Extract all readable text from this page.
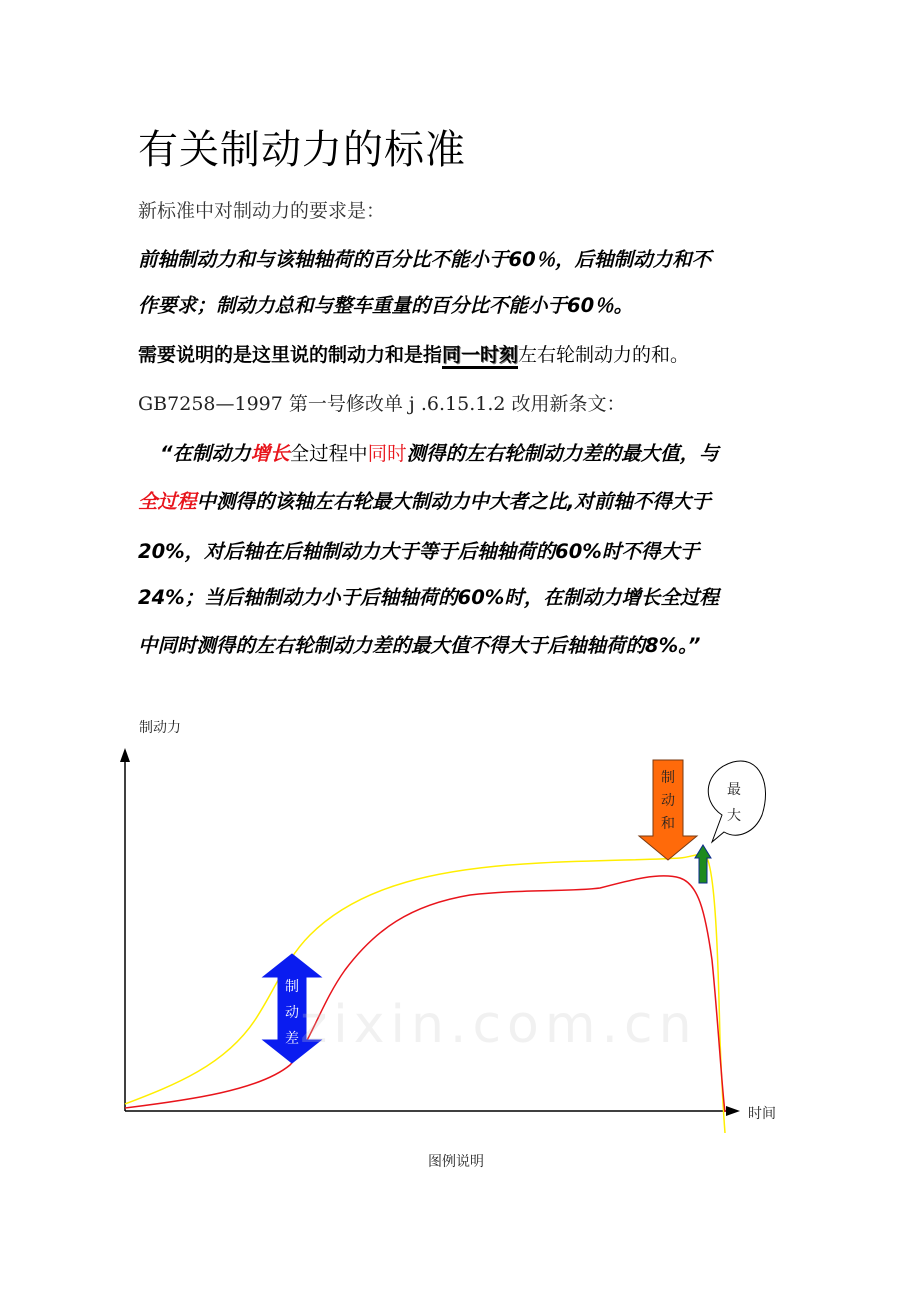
有关制动力的标准
新标准中对制动力的要求是：
前轴制动力和与该轴轴荷的百分比不能小于60％，后轴制动力和不
作要求；制动力总和与整车重量的百分比不能小于60％。
需要说明的是这里说的制动力和是指同一时刻左右轮制动力的和。
GB7258—1997 第一号修改单 j .6.15.1.2 改用新条文：
“在制动力增长全过程中同时测得的左右轮制动力差的最大值，与
全过程中测得的该轴左右轮最大制动力中大者之比,对前轴不得大于
20%，对后轴在后轴制动力大于等于后轴轴荷的60%时不得大于
24%；当后轴制动力小于后轴轴荷的60%时，在制动力增长全过程
中同时测得的左右轮制动力差的最大值不得大于后轴轴荷的8%。”
制动力
时间
制
动
差
制
动
和
最
大
zixin.com.cn
图例说明
